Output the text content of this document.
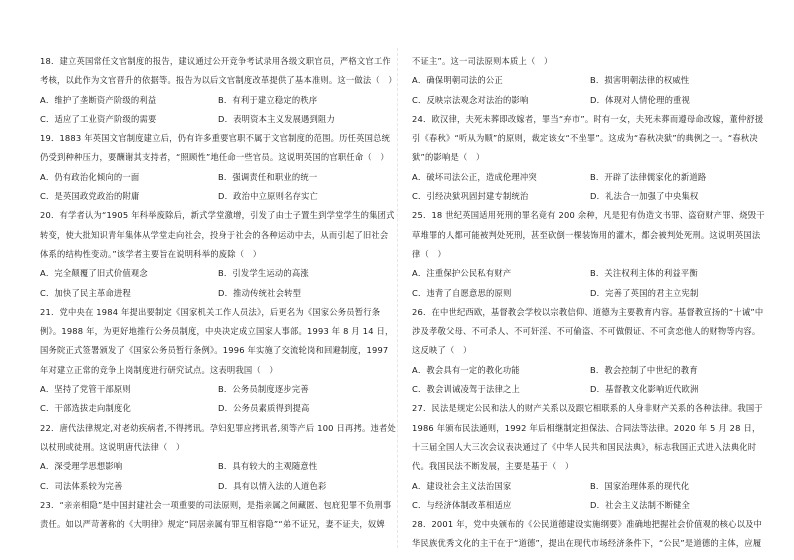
18．建立英国常任文官制度的报告，建议通过公开竞争考试录用各级文职官员，严格文官工作考核，以此作为文官晋升的依据等。报告为以后文官制度改革提供了基本准则。这一做法（　）

A．维护了垄断资产阶级的利益	B．有利于建立稳定的秩序
C．适应了工业资产阶级的需要	D．表明资本主义发展遇到阻力

19．1883 年英国文官制度建立后，仍有许多重要官职不属于文官制度的范围。历任英国总统仍受到种种压力，要酬谢其支持者，“照顾性”地任命一些官员。这说明英国的官职任命（　）

A．仍有政治化倾向的一面	B．强调责任和职业的统一
C．是英国政党政治的附庸	D．政治中立原则名存实亡

20．有学者认为“1905 年科举废除后，新式学堂激增，引发了由士子置生到学堂学生的集团式转变，使大批知识青年集体从学堂走向社会，投身于社会的各种运动中去，从而引起了旧社会体系的结构性变动。”该学者主要旨在说明科举的废除（　）

A．完全颠覆了旧式价值观念	B．引发学生运动的高涨
C．加快了民主革命进程	D．推动传统社会转型

21．党中央在 1984 年提出要制定《国家机关工作人员法》，后更名为《国家公务员暂行条例》。1988 年，为更好地推行公务员制度，中央决定成立国家人事部。1993 年 8 月 14 日，国务院正式签署颁发了《国家公务员暂行条例》。1996 年实施了交流轮岗和回避制度，1997 年对建立正常的竞争上岗制度进行研究试点。这表明我国（　）

A．坚持了党管干部原则	B．公务员制度逐步完善
C．干部选拔走向制度化	D．公务员素质得到提高

22．唐代法律规定,对老幼疾病者,不得拷讯。孕妇犯罪应拷讯者,须等产后 100 日再拷。违者处以杖刑或徒刑。这说明唐代法律（　）

A．深受理学思想影响	B．具有较大的主观随意性
C．司法体系较为完善	D．具有以情入法的人道色彩

23．“亲亲相隐”是中国封建社会一项重要的司法原则，是指亲属之间藏匿、包庇犯罪不负刑事责任。如以严苛著称的《大明律》规定“同居亲属有罪互相容隐”“弟不证兄，妻不证夫，奴婢

不证主”。这一司法原则本质上（　）

A．确保明朝司法的公正	B．损害明朝法律的权威性
C．反映宗法观念对法治的影响	D．体现对人情伦理的重视

24．欧汉律，夫死未葬即改嫁者，罪当“弃市”。时有一女，夫死未葬而遵母命改嫁，董仲舒援引《春秋》“听从为顺”的原则，裁定该女“不坐罪”。这成为“春秋决狱”的典例之一。“春秋决狱”的影响是（　）

A．破坏司法公正，造成伦理冲突	B．开辟了法律儒家化的新道路
C．引经决狱巩固封建专制统治	D．礼法合一加强了中央集权

25．18 世纪英国适用死刑的罪名竟有 200 余种，凡是犯有伪造文书罪、盗窃财产罪、烧毁干草堆罪的人都可能被判处死刑，甚至砍倒一棵装饰用的灌木，都会被判处死刑。这说明英国法律（　）

A．注重保护公民私有财产	B．关注权利主体的利益平衡
C．违背了自愿意思的原则	D．完善了英国的君主立宪制

26．在中世纪西欧，基督教会学校以宗教信仰、道德为主要教育内容。基督教宣扬的“十诫”中涉及孝敬父母、不可杀人、不可奸淫、不可偷盗、不可做假证、不可贪恋他人的财物等内容。这反映了（　）

A．教会具有一定的教化功能	B．教会控制了中世纪的教育
C．教会训诫凌驾于法律之上	D．基督教文化影响近代欧洲

27．民法是规定公民和法人的财产关系以及跟它相联系的人身非财产关系的各种法律。我国于 1986 年颁布民法通则，1992 年后相继制定担保法、合同法等法律。2020 年 5 月 28 日，十三届全国人大三次会议表决通过了《中华人民共和国民法典》，标志我国正式进入法典化时代。我国民法不断发展，主要是基于（　）

A．建设社会主义法治国家	B．国家治理体系的现代化
C．与经济体制改革相适应	D．社会主义法制不断健全

28．2001 年，党中央颁布的《公民道德建设实施纲要》准确地把握社会价值观的核心以及中华民族优秀文化的主干在于“道德”，提出在现代市场经济条件下，“公民”是道德的主体，应履
